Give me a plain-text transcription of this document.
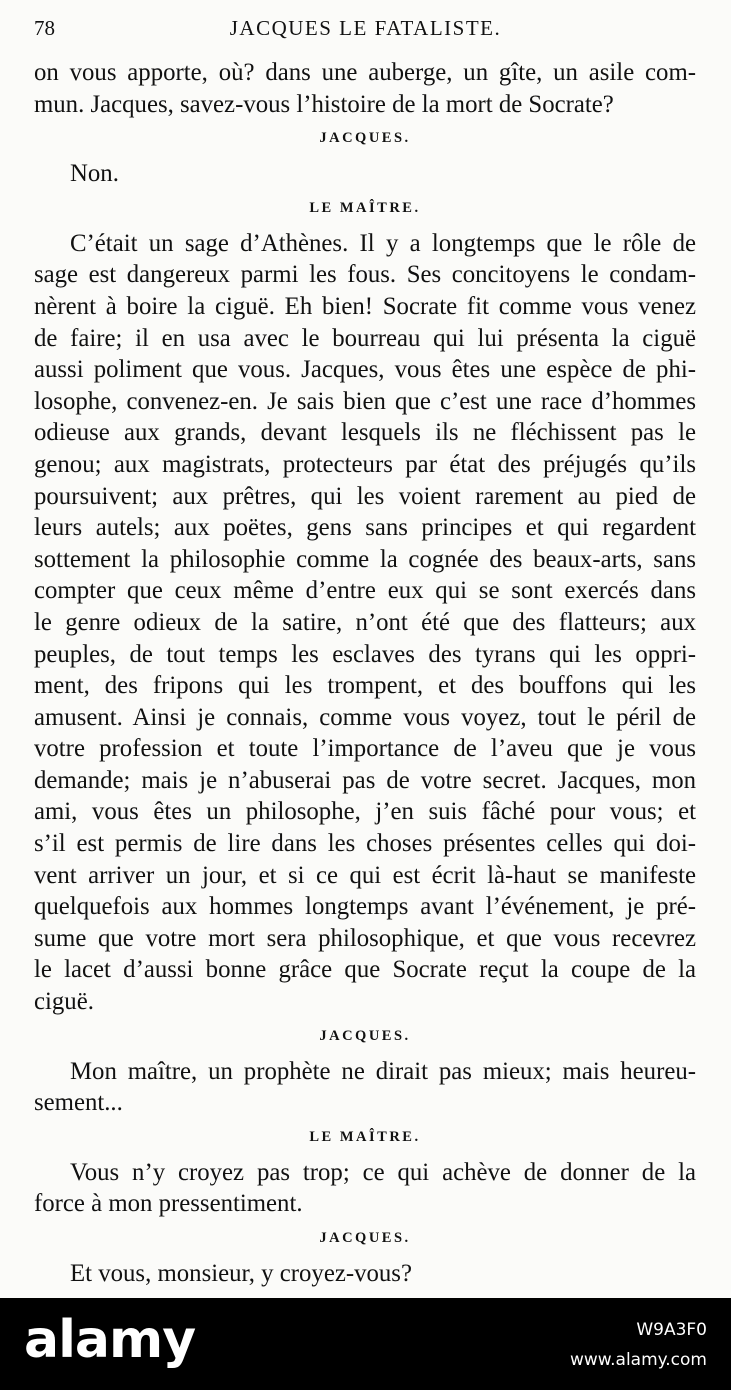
78	JACQUES LE FATALISTE.
on vous apporte, où? dans une auberge, un gîte, un asile com-
mun. Jacques, savez-vous l’histoire de la mort de Socrate?
JACQUES.
Non.
LE MAÎTRE.
C’était un sage d’Athènes. Il y a longtemps que le rôle de
sage est dangereux parmi les fous. Ses concitoyens le condam-
nèrent à boire la ciguë. Eh bien! Socrate fit comme vous venez
de faire; il en usa avec le bourreau qui lui présenta la ciguë
aussi poliment que vous. Jacques, vous êtes une espèce de phi-
losophe, convenez-en. Je sais bien que c’est une race d’hommes
odieuse aux grands, devant lesquels ils ne fléchissent pas le
genou; aux magistrats, protecteurs par état des préjugés qu’ils
poursuivent; aux prêtres, qui les voient rarement au pied de
leurs autels; aux poëtes, gens sans principes et qui regardent
sottement la philosophie comme la cognée des beaux-arts, sans
compter que ceux même d’entre eux qui se sont exercés dans
le genre odieux de la satire, n’ont été que des flatteurs; aux
peuples, de tout temps les esclaves des tyrans qui les oppri-
ment, des fripons qui les trompent, et des bouffons qui les
amusent. Ainsi je connais, comme vous voyez, tout le péril de
votre profession et toute l’importance de l’aveu que je vous
demande; mais je n’abuserai pas de votre secret. Jacques, mon
ami, vous êtes un philosophe, j’en suis fâché pour vous; et
s’il est permis de lire dans les choses présentes celles qui doi-
vent arriver un jour, et si ce qui est écrit là-haut se manifeste
quelquefois aux hommes longtemps avant l’événement, je pré-
sume que votre mort sera philosophique, et que vous recevrez
le lacet d’aussi bonne grâce que Socrate reçut la coupe de la
ciguë.
JACQUES.
Mon maître, un prophète ne dirait pas mieux; mais heureu-
sement...
LE MAÎTRE.
Vous n’y croyez pas trop; ce qui achève de donner de la
force à mon pressentiment.
JACQUES.
Et vous, monsieur, y croyez-vous?
alamy	W9A3F0
www.alamy.com
